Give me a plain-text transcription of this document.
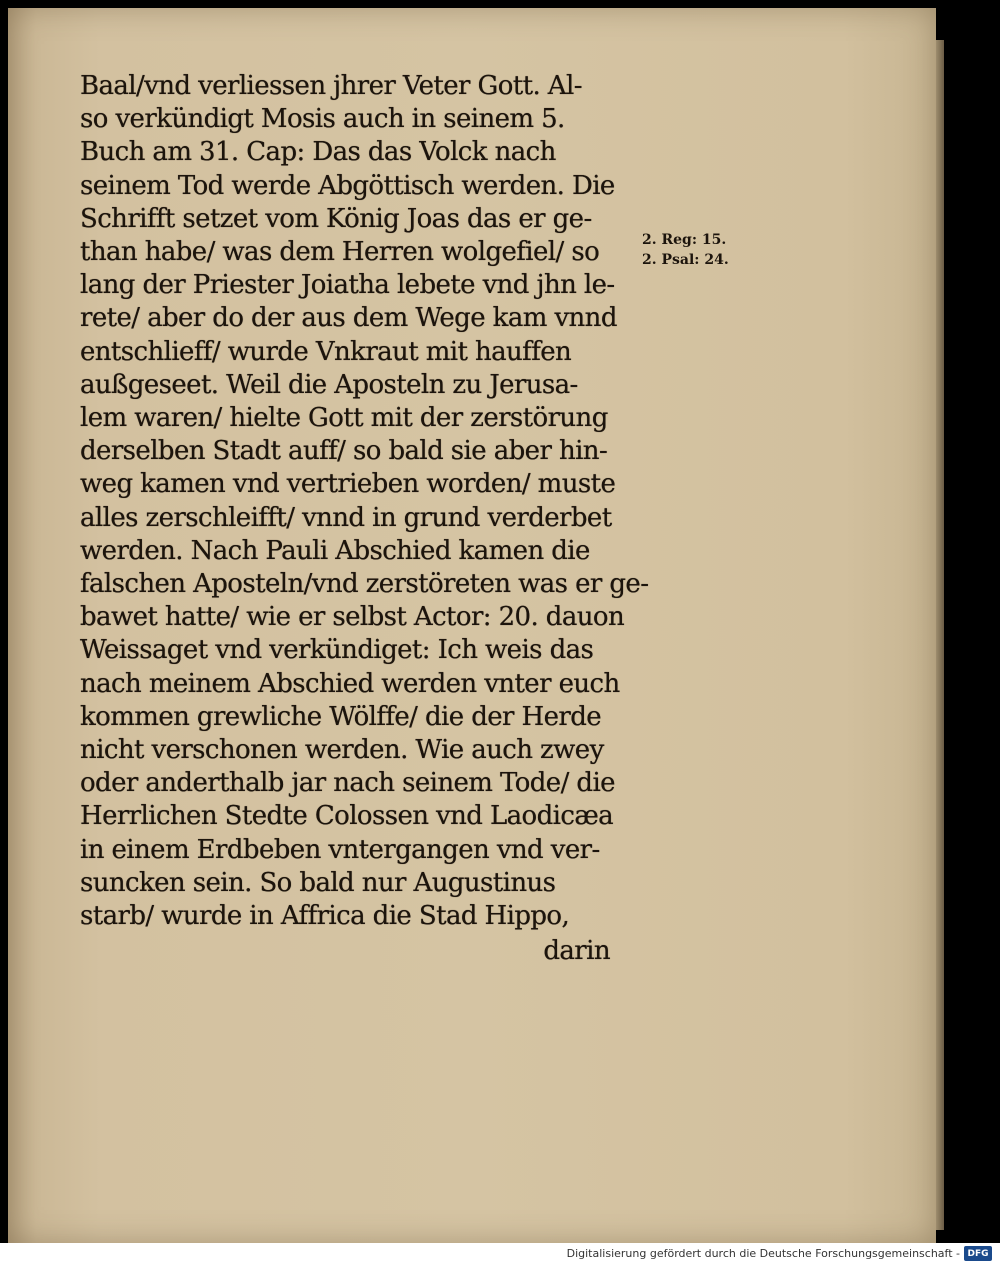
Baal/vnd verliessen jhrer Veter Gott. Al-
so verkündigt Mosis auch in seinem 5.
Buch am 31. Cap: Das das Volck nach
seinem Tod werde Abgöttisch werden. Die
Schrifft setzet vom König Joas das er ge-
than habe/ was dem Herren wolgefiel/ so
lang der Priester Joiatha lebete vnd jhn le-
rete/ aber do der aus dem Wege kam vnnd
entschlieff/ wurde Vnkraut mit hauffen
außgeseet. Weil die Aposteln zu Jerusa-
lem waren/ hielte Gott mit der zerstörung
derselben Stadt auff/ so bald sie aber hin-
weg kamen vnd vertrieben worden/ muste
alles zerschleifft/ vnnd in grund verderbet
werden. Nach Pauli Abschied kamen die
falschen Aposteln/vnd zerstöreten was er ge-
bawet hatte/ wie er selbst Actor: 20. dauon
Weissaget vnd verkündiget: Ich weis das
nach meinem Abschied werden vnter euch
kommen grewliche Wölffe/ die der Herde
nicht verschonen werden. Wie auch zwey
oder anderthalb jar nach seinem Tode/ die
Herrlichen Stedte Colossen vnd Laodicæa
in einem Erdbeben vntergangen vnd ver-
suncken sein. So bald nur Augustinus
starb/ wurde in Affrica die Stad Hippo,
darin
2. Reg: 15.
2. Psal: 24.
Digitalisierung gefördert durch die Deutsche Forschungsgemeinschaft - DFG
